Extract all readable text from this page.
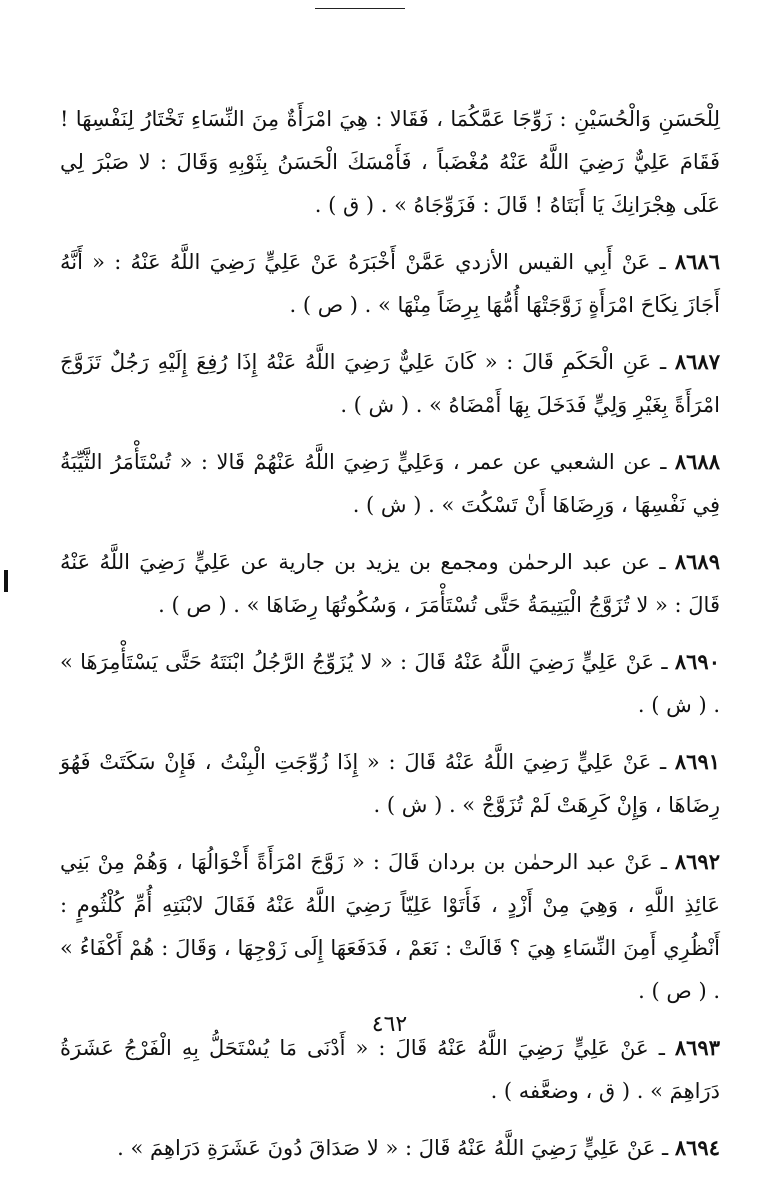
لِلْحَسَنِ وَالْحُسَيْنِ : زَوِّجَا عَمَّكُمَا ، فَقَالا : هِيَ امْرَأَةٌ مِنَ النِّسَاءِ تَخْتَارُ لِنَفْسِهَا ! فَقَامَ عَلِيٌّ رَضِيَ اللَّهُ عَنْهُ مُغْضَباً ، فَأَمْسَكَ الْحَسَنُ بِثَوْبِهِ وَقَالَ : لا صَبْرَ لِي عَلَى هِجْرَانِكَ يَا أَبَتَاهُ ! قَالَ : فَزَوِّجَاهُ » . ( ق ) .

٨٦٨٦ ـ عَنْ أَبِي القيس الأزدي عَمَّنْ أَخْبَرَهُ عَنْ عَلِيٍّ رَضِيَ اللَّهُ عَنْهُ : « أَنَّهُ أَجَازَ نِكَاحَ امْرَأَةٍ زَوَّجَتْهَا أُمُّهَا بِرِضَاً مِنْهَا » . ( ص ) .

٨٦٨٧ ـ عَنِ الْحَكَمِ قَالَ : « كَانَ عَلِيٌّ رَضِيَ اللَّهُ عَنْهُ إِذَا رُفِعَ إِلَيْهِ رَجُلٌ تَزَوَّجَ امْرَأَةً بِغَيْرِ وَلِيٍّ فَدَخَلَ بِهَا أَمْضَاهُ » . ( ش ) .

٨٦٨٨ ـ عن الشعبي عن عمر ، وَعَلِيٍّ رَضِيَ اللَّهُ عَنْهُمْ قَالا : « تُسْتَأْمَرُ الثَّيِّبَةُ فِي نَفْسِهَا ، وَرِضَاهَا أَنْ تَسْكُتَ » . ( ش ) .

٨٦٨٩ ـ عن عبد الرحمٰن ومجمع بن يزيد بن جارية عن عَلِيٍّ رَضِيَ اللَّهُ عَنْهُ قَالَ : « لا تُزَوَّجُ الْيَتِيمَةُ حَتَّى تُسْتَأْمَرَ ، وَسُكُوتُهَا رِضَاهَا » . ( ص ) .

٨٦٩٠ ـ عَنْ عَلِيٍّ رَضِيَ اللَّهُ عَنْهُ قَالَ : « لا يُزَوِّجُ الرَّجُلُ ابْنَتَهُ حَتَّى يَسْتَأْمِرَهَا » . ( ش ) .

٨٦٩١ ـ عَنْ عَلِيٍّ رَضِيَ اللَّهُ عَنْهُ قَالَ : « إِذَا زُوِّجَتِ الْبِنْتُ ، فَإِنْ سَكَتَتْ فَهُوَ رِضَاهَا ، وَإِنْ كَرِهَتْ لَمْ تُزَوَّجْ » . ( ش ) .

٨٦٩٢ ـ عَنْ عبد الرحمٰن بن بردان قَالَ : « زَوَّجَ امْرَأَةً أَخْوَالُهَا ، وَهُمْ مِنْ بَنِي عَائِذِ اللَّهِ ، وَهِيَ مِنْ أَزْدٍ ، فَأَتَوْا عَلِيّاً رَضِيَ اللَّهُ عَنْهُ فَقَالَ لابْنَتِهِ أُمِّ كُلْثُومٍ : أَنْظُرِي أَمِنَ النِّسَاءِ هِيَ ؟ قَالَتْ : نَعَمْ ، فَدَفَعَهَا إِلَى زَوْجِهَا ، وَقَالَ : هُمْ أَكْفَاءُ » . ( ص ) .

٨٦٩٣ ـ عَنْ عَلِيٍّ رَضِيَ اللَّهُ عَنْهُ قَالَ : « أَدْنَى مَا يُسْتَحَلُّ بِهِ الْفَرْجُ عَشَرَةُ دَرَاهِمَ » . ( ق ، وضعَّفه ) .

٨٦٩٤ ـ عَنْ عَلِيٍّ رَضِيَ اللَّهُ عَنْهُ قَالَ : « لا صَدَاقَ دُونَ عَشَرَةِ دَرَاهِمَ » .

٤٦٢
